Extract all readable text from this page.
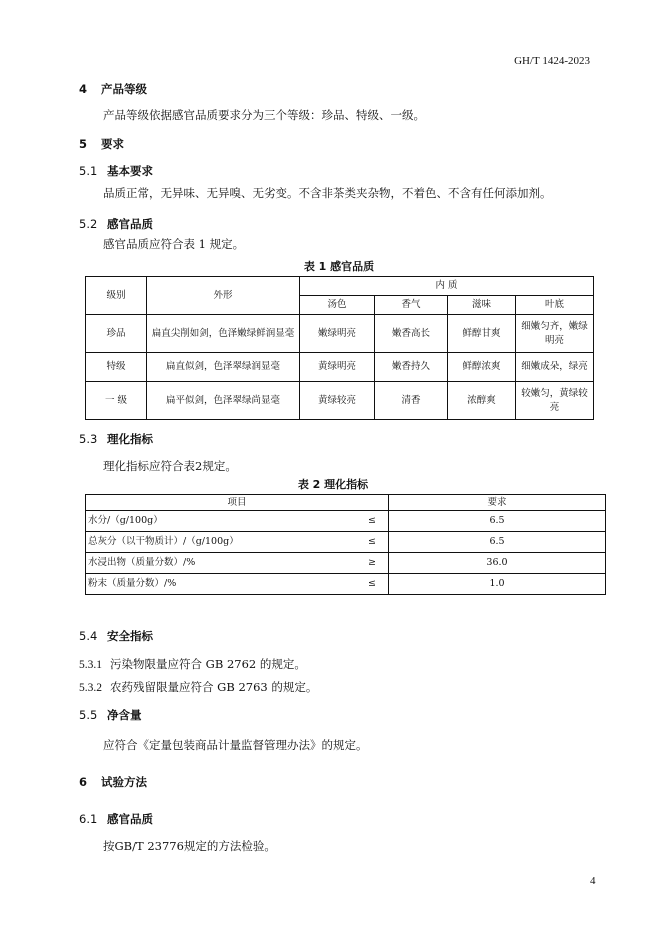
GH/T 1424-2023
4 产品等级
产品等级依据感官品质要求分为三个等级：珍品、特级、一级。
5 要求
5.1 基本要求
品质正常，无异味、无异嗅、无劣变。不含非茶类夹杂物，不着色、不含有任何添加剂。
5.2 感官品质
感官品质应符合表 1 规定。
表 1 感官品质
级别	外形	内 质			
		汤色	香气	滋味	叶底
珍品	扁直尖削如剑，色泽嫩绿鲜润显毫	嫩绿明亮	嫩香高长	鲜醇甘爽	细嫩匀齐，嫩绿明亮
特级	扁直似剑，色泽翠绿润显毫	黄绿明亮	嫩香持久	鲜醇浓爽	细嫩成朵，绿亮
一 级	扁平似剑，色泽翠绿尚显毫	黄绿较亮	清香	浓醇爽	较嫩匀，黄绿较亮
5.3 理化指标
理化指标应符合表2规定。
表 2 理化指标
项目	要求
水分/（g/100g） ≤	6.5
总灰分（以干物质计）/（g/100g） ≤	6.5
水浸出物（质量分数）/% ≥	36.0
粉末（质量分数）/% ≤	1.0
5.4 安全指标
5.3.1 污染物限量应符合 GB 2762 的规定。
5.3.2 农药残留限量应符合 GB 2763 的规定。
5.5 净含量
应符合《定量包装商品计量监督管理办法》的规定。
6 试验方法
6.1 感官品质
按GB/T 23776规定的方法检验。
4
